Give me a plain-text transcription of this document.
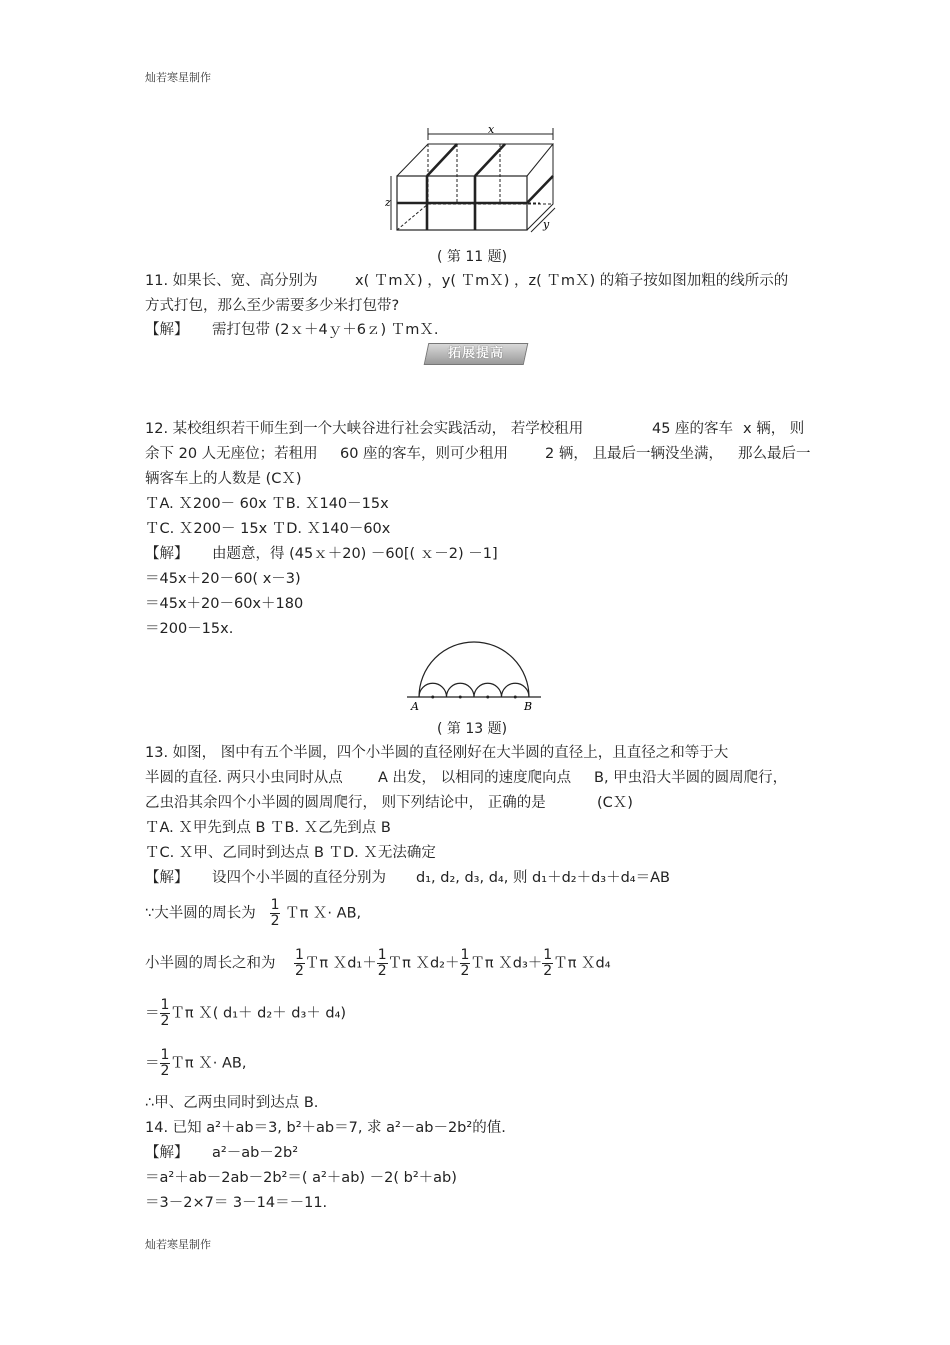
灿若寒星制作
x
z
y
( 第 11 题)
11. 如果长、宽、高分别为	x( ＴmＸ) ，y( ＴmＸ) ，z( ＴmＸ) 的箱子按如图加粗的线所示的
方式打包，那么至少需要多少米打包带?
【解】 需打包带 (2ｘ＋4ｙ＋6ｚ) ＴmＸ.
拓展提高
12. 某校组织若干师生到一个大峡谷进行社会实践活动， 若学校租用	45 座的客车 x 辆， 则
余下 20 人无座位；若租用 60 座的客车，则可少租用	2 辆， 且最后一辆没坐满， 那么最后一
辆客车上的人数是 (CＸ)
ＴA. Ｘ200－ 60x ＴB. Ｘ140－15x
ＴC. Ｘ200－ 15x ＴD. Ｘ140－60x
【解】 由题意，得 (45ｘ＋20) －60[( ｘ－2) －1]
＝45x＋20－60( x－3)
＝45x＋20－60x＋180
＝200－15x.
A	B
( 第 13 题)
13. 如图， 图中有五个半圆，四个小半圆的直径刚好在大半圆的直径上，且直径之和等于大
半圆的直径. 两只小虫同时从点 A 出发， 以相同的速度爬向点 B, 甲虫沿大半圆的圆周爬行，
乙虫沿其余四个小半圆的圆周爬行， 则下列结论中， 正确的是	(CＸ)
ＴA. Ｘ甲先到点 B ＴB. Ｘ乙先到点 B
ＴC. Ｘ甲、乙同时到达点 B ＴD. Ｘ无法确定
【解】 设四个小半圆的直径分别为 d₁, d₂, d₃, d₄, 则 d₁＋d₂＋d₃＋d₄＝AB
∵大半圆的周长为 $\frac{1}{2}$ Ｔπ Ｘ· AB,
小半圆的周长之和为 $\frac{1}{2}$ Ｔπ Ｘd₁＋ $\frac{1}{2}$ Ｔπ Ｘd₂＋ $\frac{1}{2}$ Ｔπ Ｘd₃＋ $\frac{1}{2}$ Ｔπ Ｘd₄
＝ $\frac{1}{2}$ Ｔπ Ｘ( d₁＋ d₂＋ d₃＋ d₄)
＝ $\frac{1}{2}$ Ｔπ Ｘ· AB,
∴甲、乙两虫同时到达点 B.
14. 已知 a²＋ab＝3, b²＋ab＝7, 求 a²－ab－2b²的值.
【解】 a²－ab－2b²
＝a²＋ab－2ab－2b²＝( a²＋ab) －2( b²＋ab)
＝3－2×7＝ 3－14＝－11.
灿若寒星制作
